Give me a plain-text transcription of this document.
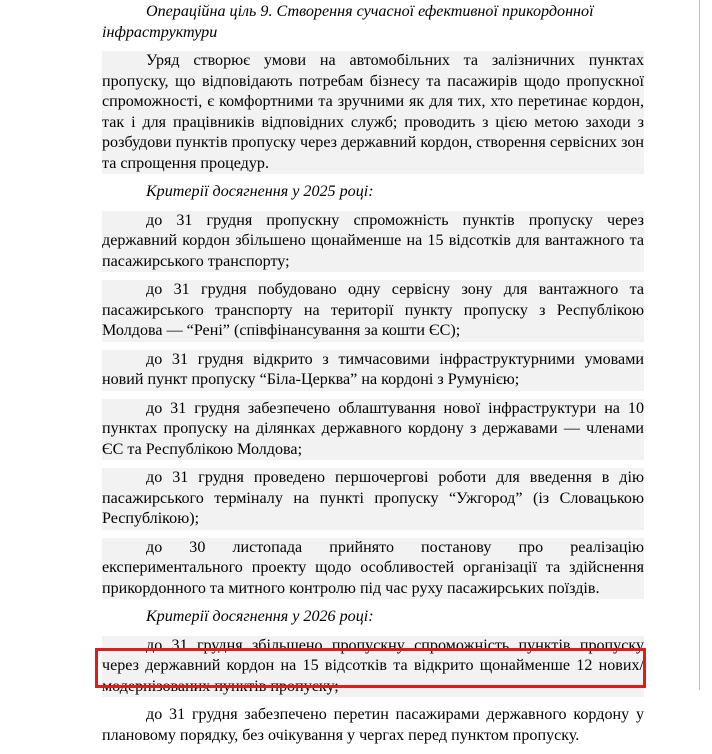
Операційна ціль 9. Створення сучасної ефективної прикордонної

інфраструктури

Уряд створює умови на автомобільних та залізничних пунктах пропуску, що відповідають потребам бізнесу та пасажирів щодо пропускної спроможності, є комфортними та зручними як для тих, хто перетинає кордон, так і для працівників відповідних служб; проводить з цією метою заходи з розбудови пунктів пропуску через державний кордон, створення сервісних зон та спрощення процедур.

Критерії досягнення у 2025 році:

до 31 грудня пропускну спроможність пунктів пропуску через державний кордон збільшено щонайменше на 15 відсотків для вантажного та пасажирського транспорту;

до 31 грудня побудовано одну сервісну зону для вантажного та пасажирського транспорту на території пункту пропуску з Республікою Молдова — “Рені” (співфінансування за кошти ЄС);

до 31 грудня відкрито з тимчасовими інфраструктурними умовами новий пункт пропуску “Біла-Церква” на кордоні з Румунією;

до 31 грудня забезпечено облаштування нової інфраструктури на 10 пунктах пропуску на ділянках державного кордону з державами — членами ЄС та Республікою Молдова;

до 31 грудня проведено першочергові роботи для введення в дію пасажирського терміналу на пункті пропуску “Ужгород” (із Словацькою Республікою);

до 30 листопада прийнято постанову про реалізацію експериментального проекту щодо особливостей організації та здійснення прикордонного та митного контролю під час руху пасажирських поїздів.

Критерії досягнення у 2026 році:

до 31 грудня збільшено пропускну спроможність пунктів пропуску через державний кордон на 15 відсотків та відкрито щонайменше 12 нових/модернізованих пунктів пропуску;

до 31 грудня забезпечено перетин пасажирами державного кордону у плановому порядку, без очікування у чергах перед пунктом пропуску.
